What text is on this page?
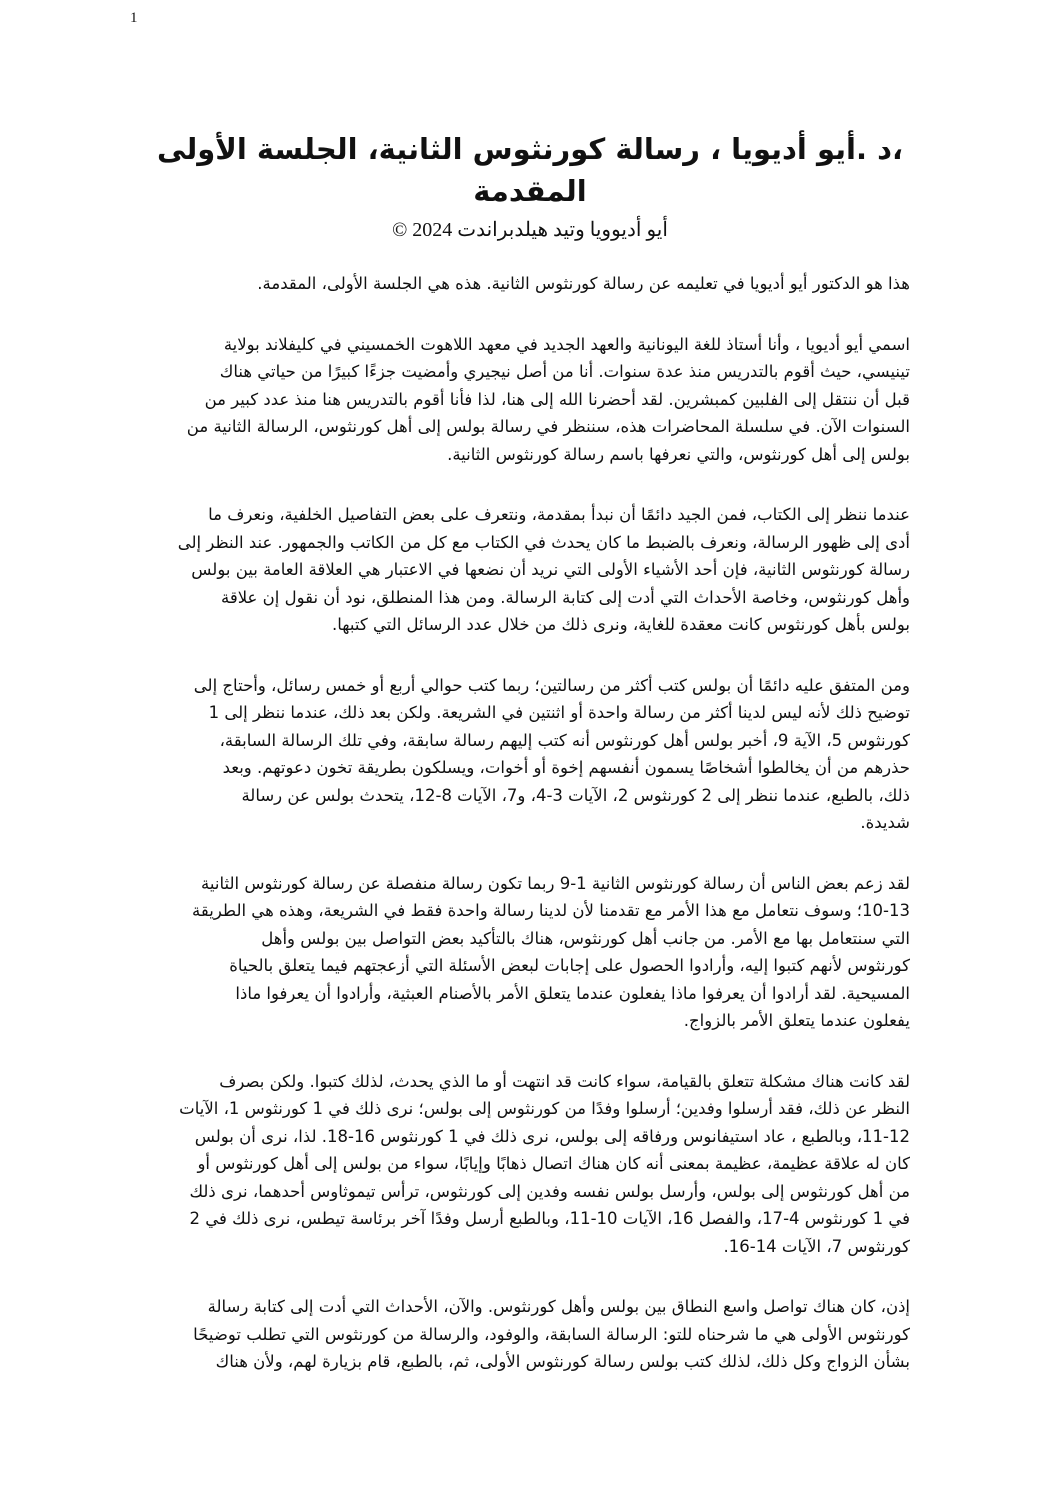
1
،د .أيو أديويا ، رسالة كورنثوس الثانية، الجلسة الأولى
المقدمة
أيو أديوويا وتيد هيلدبراندت 2024 ©

هذا هو الدكتور أيو أديويا في تعليمه عن رسالة كورنثوس الثانية. هذه هي الجلسة الأولى، المقدمة.

اسمي أيو أديويا ، وأنا أستاذ للغة اليونانية والعهد الجديد في معهد اللاهوت الخمسيني في كليفلاند بولاية
تينيسي، حيث أقوم بالتدريس منذ عدة سنوات. أنا من أصل نيجيري وأمضيت جزءًا كبيرًا من حياتي هناك
قبل أن ننتقل إلى الفلبين كمبشرين. لقد أحضرنا الله إلى هنا، لذا فأنا أقوم بالتدريس هنا منذ عدد كبير من
السنوات الآن. في سلسلة المحاضرات هذه، سننظر في رسالة بولس إلى أهل كورنثوس، الرسالة الثانية من
بولس إلى أهل كورنثوس، والتي نعرفها باسم رسالة كورنثوس الثانية.

عندما ننظر إلى الكتاب، فمن الجيد دائمًا أن نبدأ بمقدمة، ونتعرف على بعض التفاصيل الخلفية، ونعرف ما
أدى إلى ظهور الرسالة، ونعرف بالضبط ما كان يحدث في الكتاب مع كل من الكاتب والجمهور. عند النظر إلى
رسالة كورنثوس الثانية، فإن أحد الأشياء الأولى التي نريد أن نضعها في الاعتبار هي العلاقة العامة بين بولس
وأهل كورنثوس، وخاصة الأحداث التي أدت إلى كتابة الرسالة. ومن هذا المنطلق، نود أن نقول إن علاقة
بولس بأهل كورنثوس كانت معقدة للغاية، ونرى ذلك من خلال عدد الرسائل التي كتبها.

ومن المتفق عليه دائمًا أن بولس كتب أكثر من رسالتين؛ ربما كتب حوالي أربع أو خمس رسائل، وأحتاج إلى
توضيح ذلك لأنه ليس لدينا أكثر من رسالة واحدة أو اثنتين في الشريعة. ولكن بعد ذلك، عندما ننظر إلى 1
كورنثوس 5، الآية 9، أخبر بولس أهل كورنثوس أنه كتب إليهم رسالة سابقة، وفي تلك الرسالة السابقة،
حذرهم من أن يخالطوا أشخاصًا يسمون أنفسهم إخوة أو أخوات، ويسلكون بطريقة تخون دعوتهم. وبعد
ذلك، بالطبع، عندما ننظر إلى 2 كورنثوس 2، الآيات 3-4، و7، الآيات 8-12، يتحدث بولس عن رسالة
شديدة.

لقد زعم بعض الناس أن رسالة كورنثوس الثانية 1-9 ربما تكون رسالة منفصلة عن رسالة كورنثوس الثانية
10-13؛ وسوف نتعامل مع هذا الأمر مع تقدمنا لأن لدينا رسالة واحدة فقط في الشريعة، وهذه هي الطريقة
التي سنتعامل بها مع الأمر. من جانب أهل كورنثوس، هناك بالتأكيد بعض التواصل بين بولس وأهل
كورنثوس لأنهم كتبوا إليه، وأرادوا الحصول على إجابات لبعض الأسئلة التي أزعجتهم فيما يتعلق بالحياة
المسيحية. لقد أرادوا أن يعرفوا ماذا يفعلون عندما يتعلق الأمر بالأصنام العبثية، وأرادوا أن يعرفوا ماذا
يفعلون عندما يتعلق الأمر بالزواج.

لقد كانت هناك مشكلة تتعلق بالقيامة، سواء كانت قد انتهت أو ما الذي يحدث، لذلك كتبوا. ولكن بصرف
النظر عن ذلك، فقد أرسلوا وفدين؛ أرسلوا وفدًا من كورنثوس إلى بولس؛ نرى ذلك في 1 كورنثوس 1، الآيات
11-12، وبالطبع ، عاد استيفانوس ورفاقه إلى بولس، نرى ذلك في 1 كورنثوس 16-18. لذا، نرى أن بولس
كان له علاقة عظيمة، عظيمة بمعنى أنه كان هناك اتصال ذهابًا وإيابًا، سواء من بولس إلى أهل كورنثوس أو
من أهل كورنثوس إلى بولس، وأرسل بولس نفسه وفدين إلى كورنثوس، ترأس تيموثاوس أحدهما، نرى ذلك
في 1 كورنثوس 4-17، والفصل 16، الآيات 10-11، وبالطبع أرسل وفدًا آخر برئاسة تيطس، نرى ذلك في 2
كورنثوس 7، الآيات 14-16.

إذن، كان هناك تواصل واسع النطاق بين بولس وأهل كورنثوس. والآن، الأحداث التي أدت إلى كتابة رسالة
كورنثوس الأولى هي ما شرحناه للتو: الرسالة السابقة، والوفود، والرسالة من كورنثوس التي تطلب توضيحًا
بشأن الزواج وكل ذلك، لذلك كتب بولس رسالة كورنثوس الأولى، ثم، بالطبع، قام بزيارة لهم، ولأن هناك
